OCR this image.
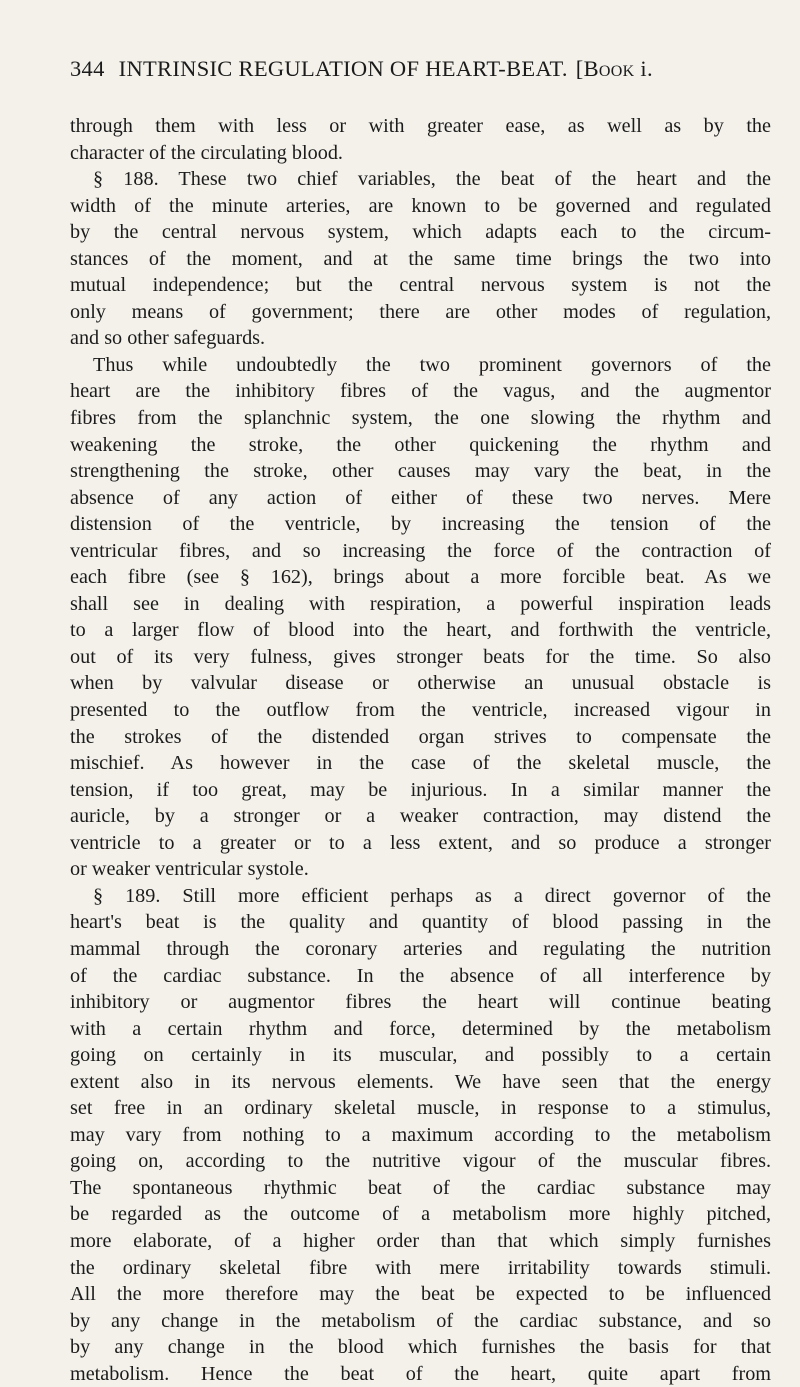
344 INTRINSIC REGULATION OF HEART-BEAT. [Book i.
through them with less or with greater ease, as well as by the
character of the circulating blood.
§ 188. These two chief variables, the beat of the heart and the
width of the minute arteries, are known to be governed and regulated
by the central nervous system, which adapts each to the circum-
stances of the moment, and at the same time brings the two into
mutual independence; but the central nervous system is not the
only means of government; there are other modes of regulation,
and so other safeguards.
Thus while undoubtedly the two prominent governors of the
heart are the inhibitory fibres of the vagus, and the augmentor
fibres from the splanchnic system, the one slowing the rhythm and
weakening the stroke, the other quickening the rhythm and
strengthening the stroke, other causes may vary the beat, in the
absence of any action of either of these two nerves. Mere
distension of the ventricle, by increasing the tension of the
ventricular fibres, and so increasing the force of the contraction of
each fibre (see § 162), brings about a more forcible beat. As we
shall see in dealing with respiration, a powerful inspiration leads
to a larger flow of blood into the heart, and forthwith the ventricle,
out of its very fulness, gives stronger beats for the time. So also
when by valvular disease or otherwise an unusual obstacle is
presented to the outflow from the ventricle, increased vigour in
the strokes of the distended organ strives to compensate the
mischief. As however in the case of the skeletal muscle, the
tension, if too great, may be injurious. In a similar manner the
auricle, by a stronger or a weaker contraction, may distend the
ventricle to a greater or to a less extent, and so produce a stronger
or weaker ventricular systole.
§ 189. Still more efficient perhaps as a direct governor of the
heart's beat is the quality and quantity of blood passing in the
mammal through the coronary arteries and regulating the nutrition
of the cardiac substance. In the absence of all interference by
inhibitory or augmentor fibres the heart will continue beating
with a certain rhythm and force, determined by the metabolism
going on certainly in its muscular, and possibly to a certain
extent also in its nervous elements. We have seen that the energy
set free in an ordinary skeletal muscle, in response to a stimulus,
may vary from nothing to a maximum according to the metabolism
going on, according to the nutritive vigour of the muscular fibres.
The spontaneous rhythmic beat of the cardiac substance may
be regarded as the outcome of a metabolism more highly pitched,
more elaborate, of a higher order than that which simply furnishes
the ordinary skeletal fibre with mere irritability towards stimuli.
All the more therefore may the beat be expected to be influenced
by any change in the metabolism of the cardiac substance, and so
by any change in the blood which furnishes the basis for that
metabolism. Hence the beat of the heart, quite apart from
